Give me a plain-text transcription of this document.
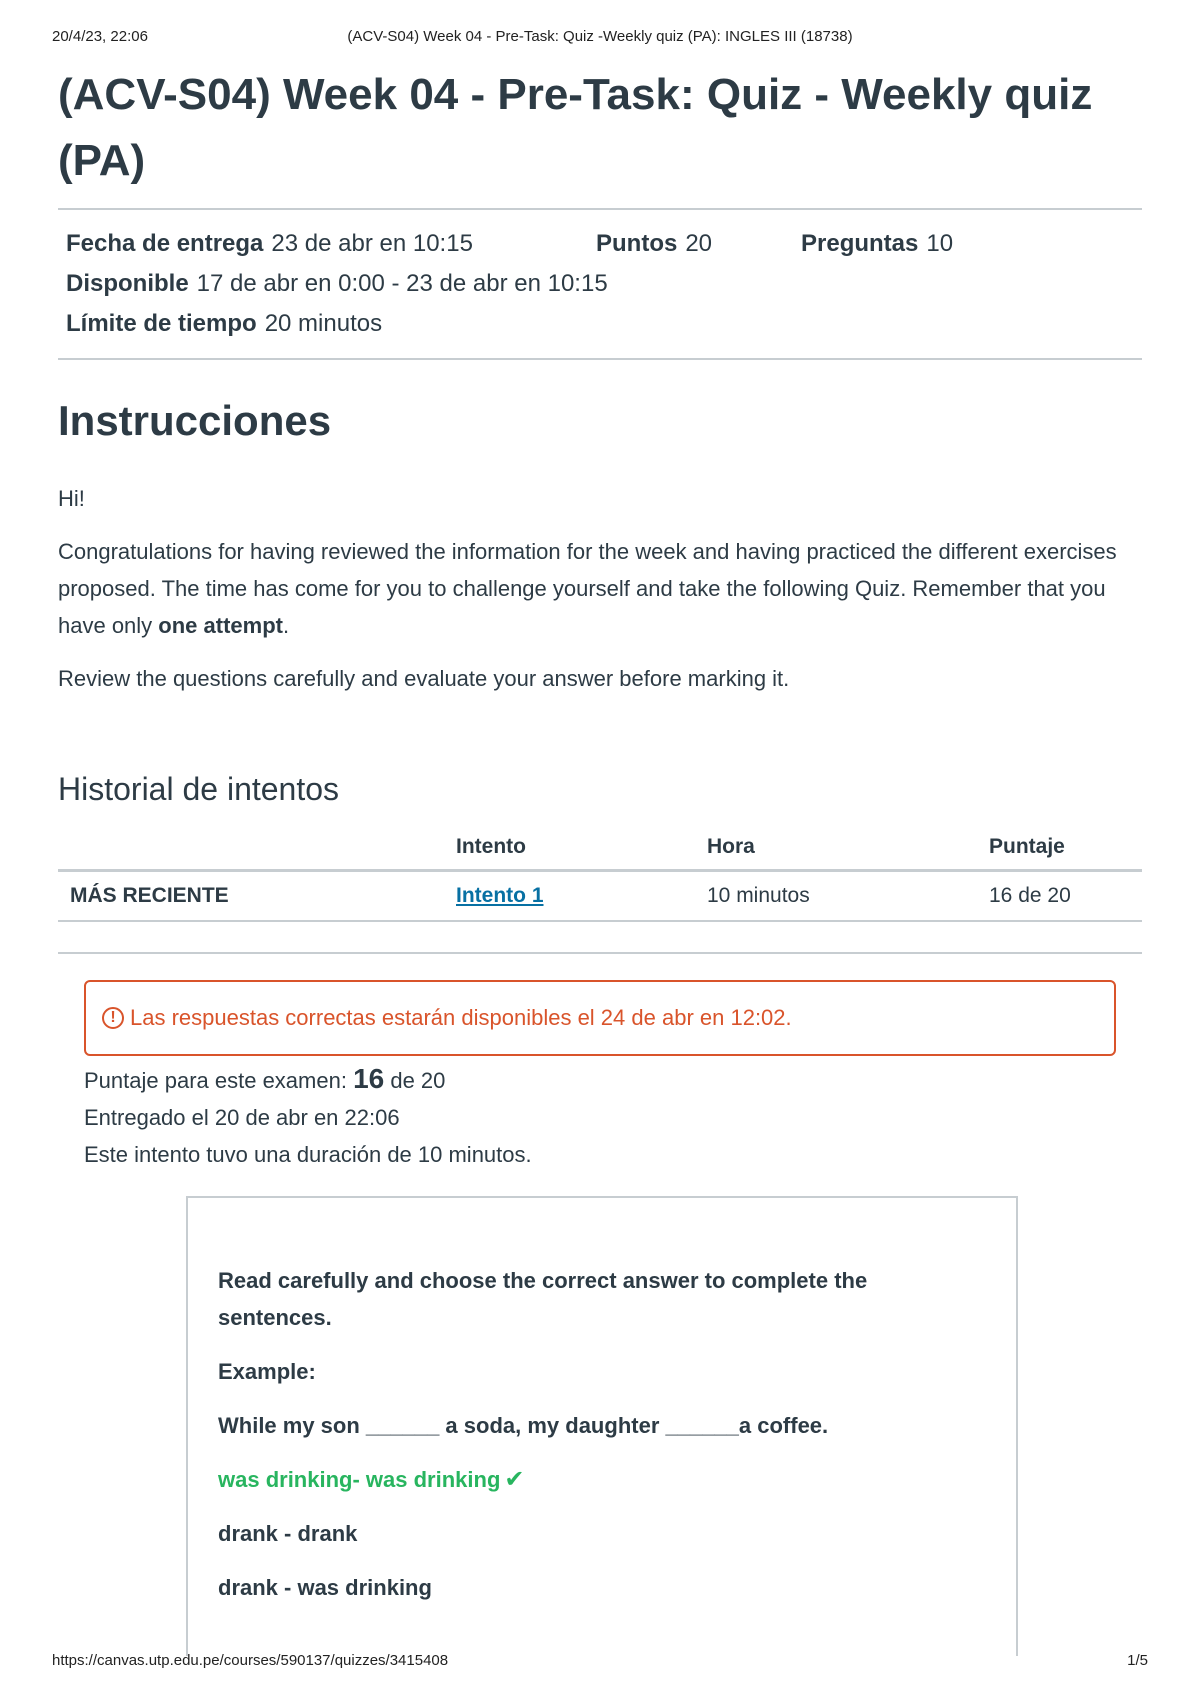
20/4/23, 22:06	(ACV-S04) Week 04 - Pre-Task: Quiz -Weekly quiz (PA): INGLES III (18738)
(ACV-S04) Week 04 - Pre-Task: Quiz - Weekly quiz (PA)
Fecha de entrega 23 de abr en 10:15	Puntos 20	Preguntas 10
Disponible 17 de abr en 0:00 - 23 de abr en 10:15
Límite de tiempo 20 minutos
Instrucciones

Hi!

Congratulations for having reviewed the information for the week and having practiced the different exercises proposed. The time has come for you to challenge yourself and take the following Quiz. Remember that you have only one attempt.

Review the questions carefully and evaluate your answer before marking it.

Historial de intentos
	Intento	Hora	Puntaje
MÁS RECIENTE	Intento 1	10 minutos	16 de 20
! Las respuestas correctas estarán disponibles el 24 de abr en 12:02.
Puntaje para este examen: 16 de 20
Entregado el 20 de abr en 22:06
Este intento tuvo una duración de 10 minutos.

Read carefully and choose the correct answer to complete the sentences.

Example:

While my son ______ a soda, my daughter ______a coffee.

was drinking- was drinking ✔

drank - drank

drank - was drinking

https://canvas.utp.edu.pe/courses/590137/quizzes/3415408	1/5
